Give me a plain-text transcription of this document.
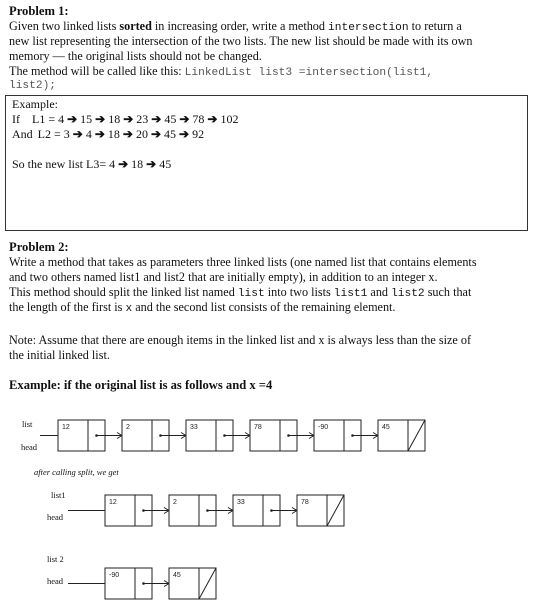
Problem 1:
Given two linked lists sorted in increasing order, write a method intersection to return a
new list representing the intersection of the two lists. The new list should be made with its own
memory — the original lists should not be changed.
The method will be called like this: LinkedList list3 =intersection(list1,
list2);
Example:
If L1 = 4 ➔ 15 ➔ 18 ➔ 23 ➔ 45 ➔ 78 ➔ 102
And L2 = 3 ➔ 4 ➔ 18 ➔ 20 ➔ 45 ➔ 92
So the new list L3= 4 ➔ 18 ➔ 45
Problem 2:
Write a method that takes as parameters three linked lists (one named list that contains elements
and two others named list1 and list2 that are initially empty), in addition to an integer x.
This method should split the linked list named list into two lists list1 and list2 such that
the length of the first is x and the second list consists of the remaining element.
Note: Assume that there are enough items in the linked list and x is always less than the size of
the initial linked list.
Example: if the original list is as follows and x =4
list
head
after calling split, we get
list1
head
list 2
head
12	2	33	78	-90	45
12	2	33	78
-90	45
